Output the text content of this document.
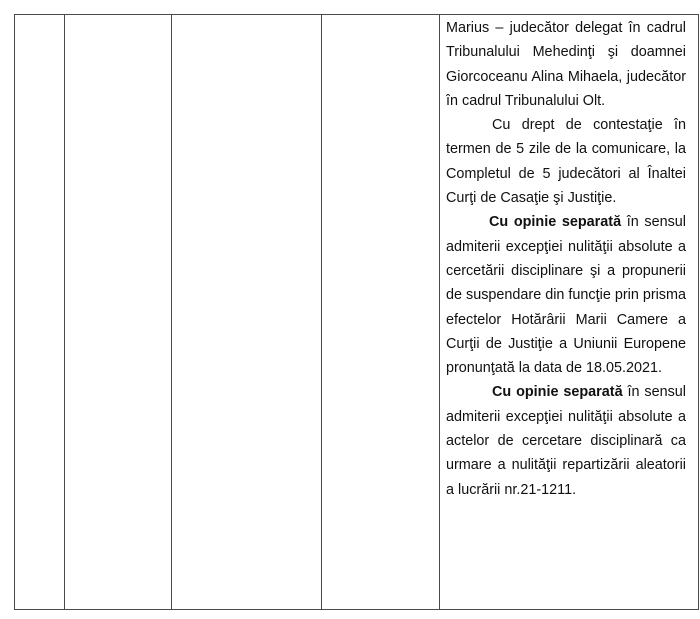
Marius – judecător delegat în cadrul Tribunalului Mehedinţi şi doamnei Giorcoceanu Alina Mihaela, judecător în cadrul Tribunalului Olt.

Cu drept de contestaţie în termen de 5 zile de la comunicare, la Completul de 5 judecători al Înaltei Curţi de Casaţie şi Justiţie.

Cu opinie separată în sensul admiterii excepţiei nulităţii absolute a cercetării disciplinare şi a propunerii de suspendare din funcţie prin prisma efectelor Hotărârii Marii Camere a Curţii de Justiţie a Uniunii Europene pronunţată la data de 18.05.2021.

Cu opinie separată în sensul admiterii excepţiei nulităţii absolute a actelor de cercetare disciplinară ca urmare a nulităţii repartizării aleatorii a lucrării nr.21-1211.
